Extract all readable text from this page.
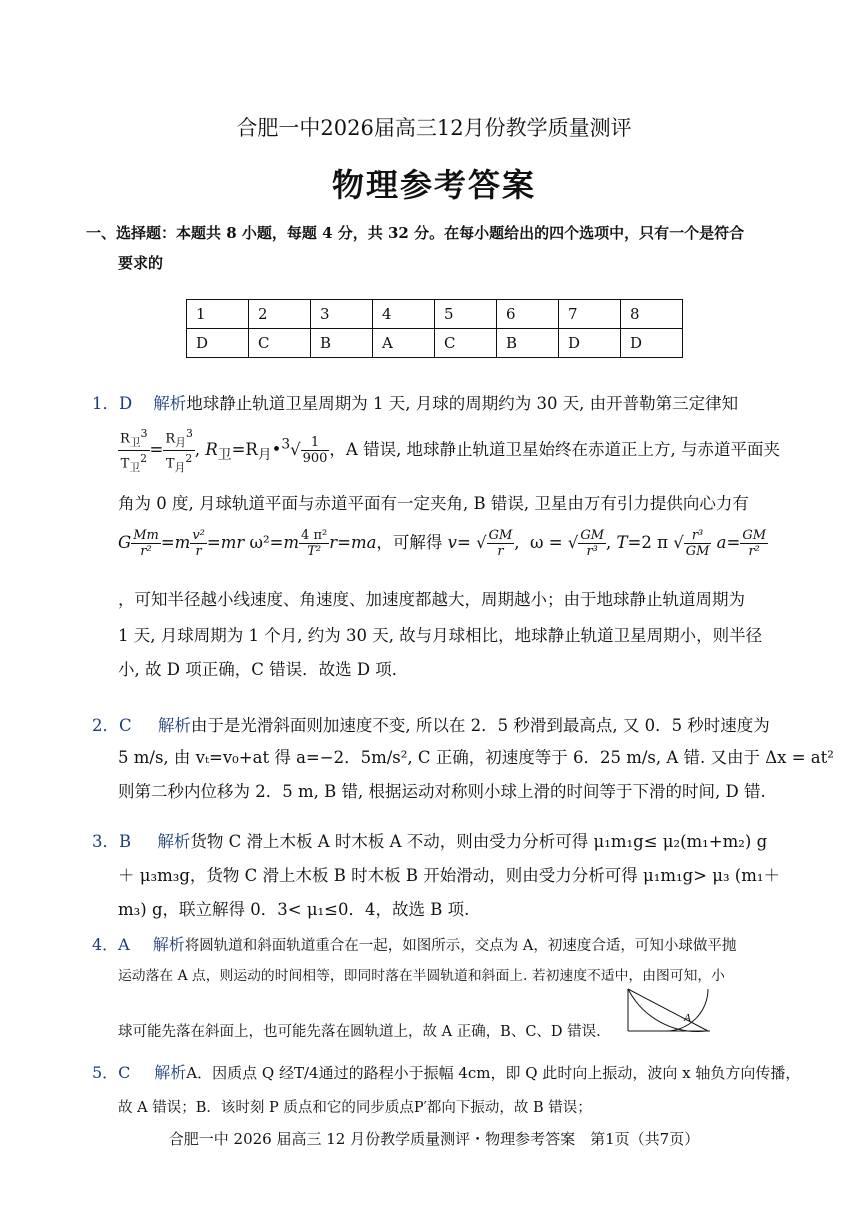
合肥一中2026届高三12月份教学质量测评
物理参考答案
一、选择题：本题共 8 小题，每题 4 分，共 32 分。在每小题给出的四个选项中，只有一个是符合
要求的
1	2	3	4	5	6	7	8
D	C	B	A	C	B	D	D
1．D 解析地球静止轨道卫星周期为 1 天, 月球的周期约为 30 天, 由开普勒第三定律知
$\frac{R_卫^3}{T_卫^2} = \frac{R_月^3}{T_月^2}$ , $R_卫=R_月•^3√ \frac{1}{900}$ ，A 错误, 地球静止轨道卫星始终在赤道正上方, 与赤道平面夹
角为 0 度, 月球轨道平面与赤道平面有一定夹角, B 错误, 卫星由万有引力提供向心力有
G $\frac{Mm}{\text{r²}} =m \frac{\text{v²}}{r} =mr$ $\omega^2=m \frac{\text{4 π²}}{\text{T²}} r=ma$，可解得 v= √ $\frac{GM}{r}$ ,  ω = √ $\frac{GM}{\text{r³}}$ , T=2 π √ $\frac{\text{r³}}{GM} a= \frac{GM}{\text{r²}}$
，可知半径越小线速度、角速度、加速度都越大，周期越小；由于地球静止轨道周期为
1 天, 月球周期为 1 个月, 约为 30 天, 故与月球相比，地球静止轨道卫星周期小，则半径
小, 故 D 项正确，C 错误．故选 D 项．
2．C 解析由于是光滑斜面则加速度不变, 所以在 2．5 秒滑到最高点, 又 0．5 秒时速度为
5 m/s, 由 vₜ=v₀+at 得 a=−2．5m/s², C 正确，初速度等于 6．25 m/s, A 错. 又由于 Δx = at²
则第二秒内位移为 2．5 m, B 错, 根据运动对称则小球上滑的时间等于下滑的时间, D 错.
3．B 解析货物 C 滑上木板 A 时木板 A 不动，则由受力分析可得 μ₁m₁g≤ μ₂(m₁+m₂) g
＋ μ₃m₃g，货物 C 滑上木板 B 时木板 B 开始滑动，则由受力分析可得 μ₁m₁g> μ₃ (m₁＋
m₃) g，联立解得 0．3< μ₁≤0．4，故选 B 项.
4．A 解析将圆轨道和斜面轨道重合在一起，如图所示，交点为 A，初速度合适，可知小球做平抛
运动落在 A 点，则运动的时间相等，即同时落在半圆轨道和斜面上. 若初速度不适中，由图可知，小
球可能先落在斜面上，也可能先落在圆轨道上，故 A 正确，B、C、D 错误.
A
5．C 解析A．因质点 Q 经T/4通过的路程小于振幅 4cm，即 Q 此时向上振动，波向 x 轴负方向传播，
故 A 错误；B．该时刻 P 质点和它的同步质点P′都向下振动，故 B 错误；
合肥一中 2026 届高三 12 月份教学质量测评・物理参考答案　第1页（共7页）
